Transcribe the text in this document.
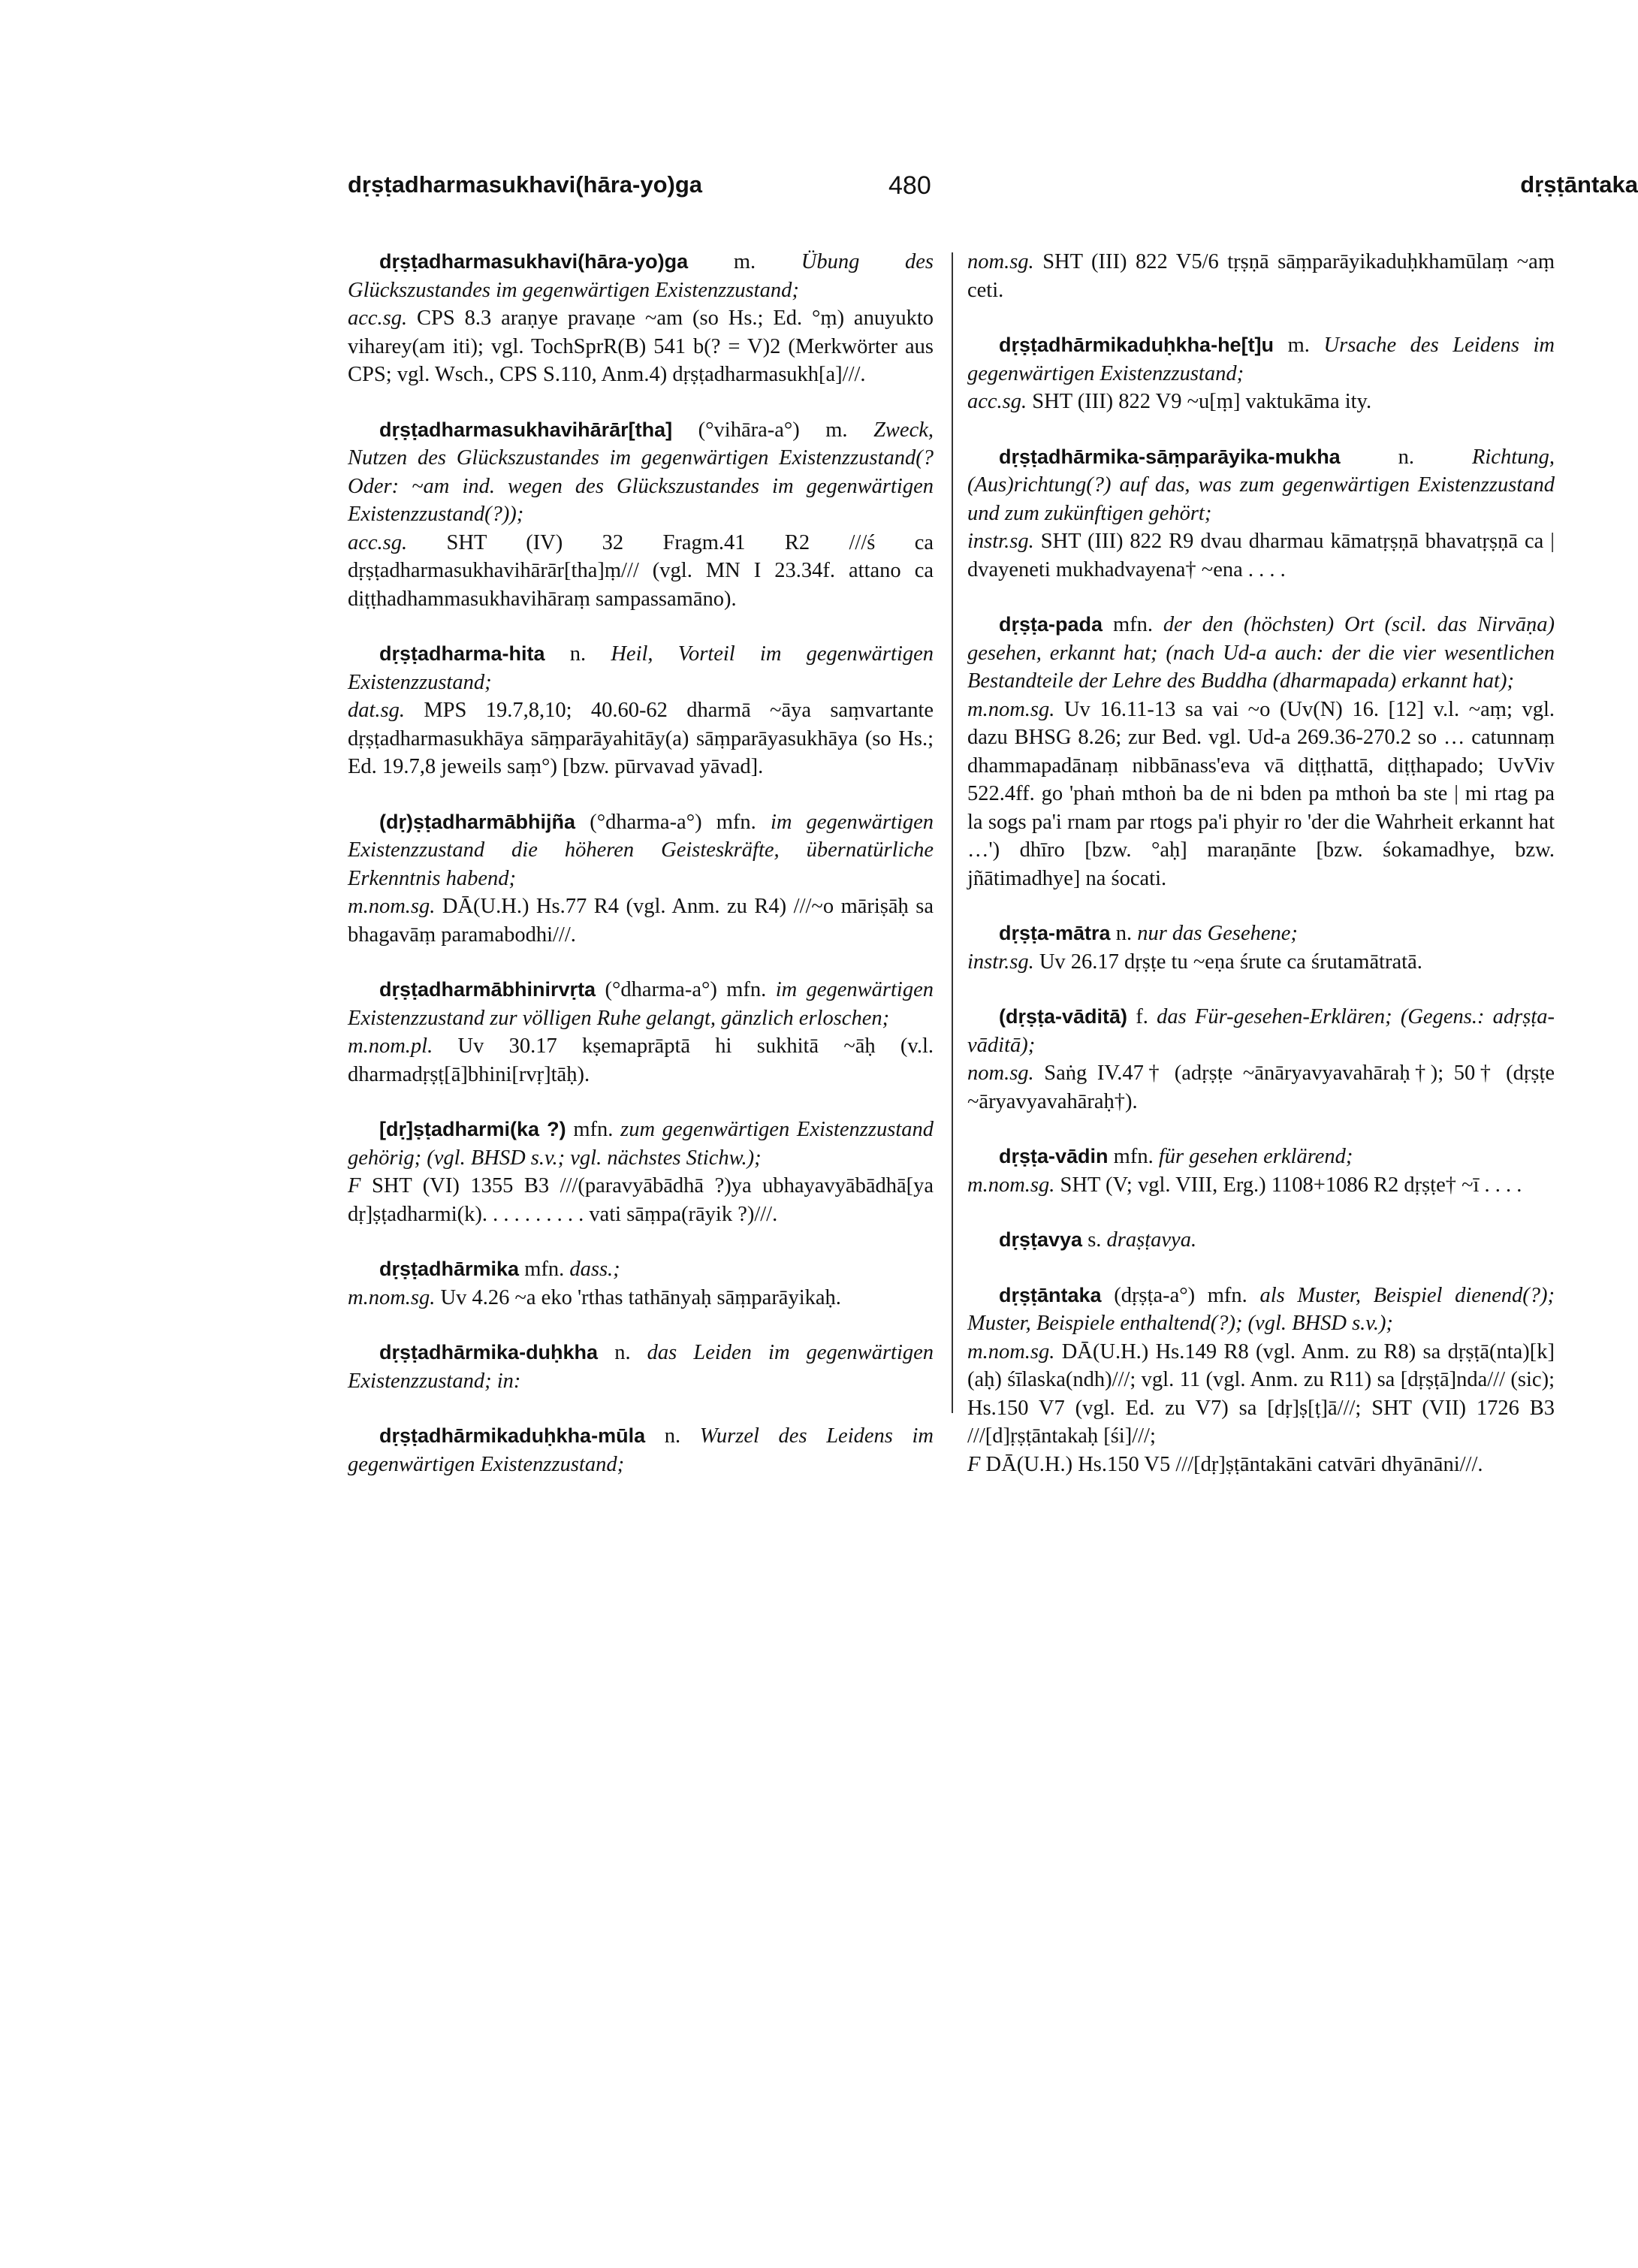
dṛṣṭadharmasukhavi(hāra-yo)ga	480	dṛṣṭāntaka
dṛṣṭadharmasukhavi(hāra-yo)ga m. Übung des Glückszustandes im gegenwärtigen Existenzzustand;
acc.sg. CPS 8.3 araṇye pravaṇe ~am (so Hs.; Ed. °ṃ) anuyukto viharey(am iti); vgl. TochSprR(B) 541 b(? = V)2 (Merkwörter aus CPS; vgl. Wsch., CPS S.110, Anm.4) dṛṣṭadharmasukh[a]///.
dṛṣṭadharmasukhavihārār[tha] (°vihāra-a°) m. Zweck, Nutzen des Glückszustandes im gegenwärtigen Existenzzustand(? Oder: ~am ind. wegen des Glückszustandes im gegenwärtigen Existenzzustand(?));
acc.sg. SHT (IV) 32 Fragm.41 R2 ///ś ca dṛṣṭadharmasukhavihārār[tha]ṃ/// (vgl. MN I 23.34f. attano ca diṭṭhadhammasukhavihāraṃ sampassamāno).
dṛṣṭadharma-hita n. Heil, Vorteil im gegenwärtigen Existenzzustand;
dat.sg. MPS 19.7,8,10; 40.60-62 dharmā ~āya saṃvartante dṛṣṭadharmasukhāya sāṃparāyahitāy(a) sāṃparāyasukhāya (so Hs.; Ed. 19.7,8 jeweils saṃ°) [bzw. pūrvavad yāvad].
(dṛ)ṣṭadharmābhijña (°dharma-a°) mfn. im gegenwärtigen Existenzzustand die höheren Geisteskräfte, übernatürliche Erkenntnis habend;
m.nom.sg. DĀ(U.H.) Hs.77 R4 (vgl. Anm. zu R4) ///~o māriṣāḥ sa bhagavāṃ paramabodhi///.
dṛṣṭadharmābhinirvṛta (°dharma-a°) mfn. im gegenwärtigen Existenzzustand zur völligen Ruhe gelangt, gänzlich erloschen;
m.nom.pl. Uv 30.17 kṣemaprāptā hi sukhitā ~āḥ (v.l. dharmadṛṣṭ[ā]bhini[rvṛ]tāḥ).
[dṛ]ṣṭadharmi(ka ?) mfn. zum gegenwärtigen Existenzzustand gehörig; (vgl. BHSD s.v.; vgl. nächstes Stichw.);
F SHT (VI) 1355 B3 ///(paravyābādhā ?)ya ubhayavyābādhā[ya dṛ]ṣṭadharmi(k). . . . . . . . . . vati sāṃpa(rāyik ?)///.
dṛṣṭadhārmika mfn. dass.;
m.nom.sg. Uv 4.26 ~a eko 'rthas tathānyaḥ sāṃparāyikaḥ.
dṛṣṭadhārmika-duḥkha n. das Leiden im gegenwärtigen Existenzzustand; in:
dṛṣṭadhārmikaduḥkha-mūla n. Wurzel des Leidens im gegenwärtigen Existenzzustand;
nom.sg. SHT (III) 822 V5/6 tṛṣṇā sāṃparāyikaduḥkhamūlaṃ ~aṃ ceti.
dṛṣṭadhārmikaduḥkha-he[t]u m. Ursache des Leidens im gegenwärtigen Existenzzustand;
acc.sg. SHT (III) 822 V9 ~u[ṃ] vaktukāma ity.
dṛṣṭadhārmika-sāṃparāyika-mukha	n.	Richtung, (Aus)richtung(?) auf das, was zum gegenwärtigen Existenzzustand und zum zukünftigen gehört;
instr.sg. SHT (III) 822 R9 dvau dharmau kāmatṛṣṇā bhavatṛṣṇā ca | dvayeneti mukhadvayena† ~ena . . . .
dṛṣṭa-pada mfn. der den (höchsten) Ort (scil. das Nirvāṇa) gesehen, erkannt hat; (nach Ud-a auch: der die vier wesentlichen Bestandteile der Lehre des Buddha (dharmapada) erkannt hat);
m.nom.sg. Uv 16.11-13 sa vai ~o (Uv(N) 16. [12] v.l. ~aṃ; vgl. dazu BHSG 8.26; zur Bed. vgl. Ud-a 269.36-270.2 so … catunnaṃ dhammapadānaṃ nibbānass'eva vā diṭṭhattā, diṭṭhapado; UvViv 522.4ff. go 'phaṅ mthoṅ ba de ni bden pa mthoṅ ba ste | mi rtag pa la sogs pa'i rnam par rtogs pa'i phyir ro 'der die Wahrheit erkannt hat …') dhīro [bzw. °aḥ] maraṇānte [bzw. śokamadhye, bzw. jñātimadhye] na śocati.
dṛṣṭa-mātra n. nur das Gesehene;
instr.sg. Uv 26.17 dṛṣṭe tu ~eṇa śrute ca śrutamātratā.
(dṛṣṭa-vāditā) f. das Für-gesehen-Erklären; (Gegens.: adṛṣṭa-vāditā);
nom.sg. Saṅg IV.47† (adṛṣṭe ~ānāryavyavahāraḥ†); 50† (dṛṣṭe ~āryavyavahāraḥ†).
dṛṣṭa-vādin mfn. für gesehen erklärend;
m.nom.sg. SHT (V; vgl. VIII, Erg.) 1108+1086 R2 dṛṣṭe† ~ī . . . .
dṛṣṭavya s. draṣṭavya.
dṛṣṭāntaka (dṛṣṭa-a°) mfn. als Muster, Beispiel dienend(?); Muster, Beispiele enthaltend(?); (vgl. BHSD s.v.);
m.nom.sg. DĀ(U.H.) Hs.149 R8 (vgl. Anm. zu R8) sa dṛṣṭā(nta)[k](aḥ) śīlaska(ndh)///; vgl. 11 (vgl. Anm. zu R11) sa [dṛṣṭā]nda/// (sic); Hs.150 V7 (vgl. Ed. zu V7) sa [dṛ]ṣ[ṭ]ā///; SHT (VII) 1726 B3 ///[d]ṛṣṭāntakaḥ [śi]///;
F DĀ(U.H.) Hs.150 V5 ///[dṛ]ṣṭāntakāni catvāri dhyānāni///.
